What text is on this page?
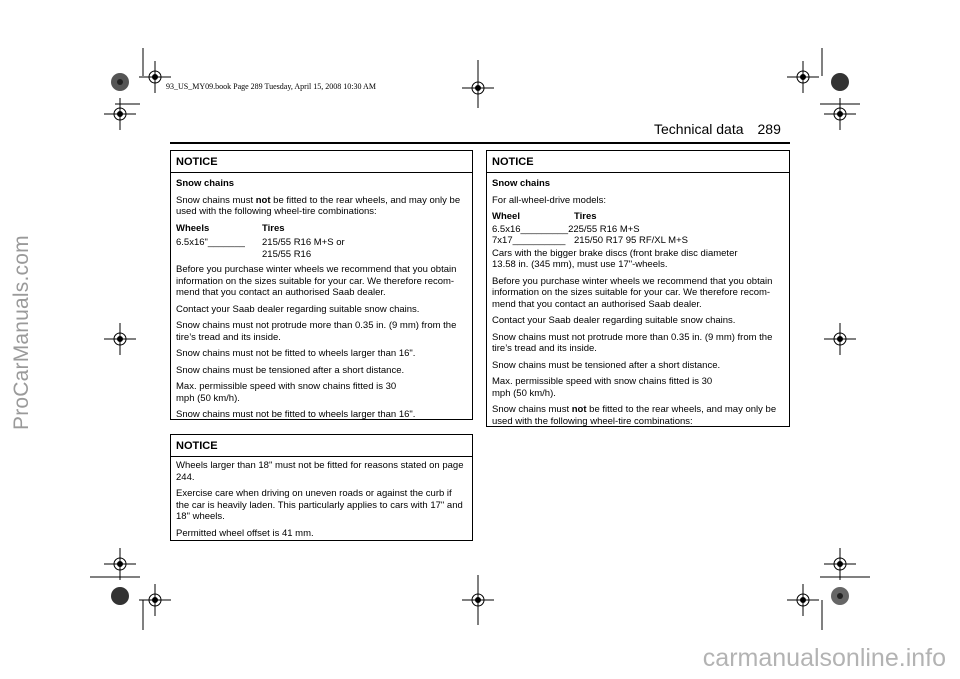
ProCarManuals.com
carmanualsonline.info
93_US_MY09.book Page 289 Tuesday, April 15, 2008 10:30 AM
Technical data 289
NOTICE
Snow chains

Snow chains must not be fitted to the rear wheels, and may only be used with the following wheel-tire combinations:

Wheels	Tires
6.5x16"_______	215/55 R16 M+S or
215/55 R16

Before you purchase winter wheels we recommend that you obtain information on the sizes suitable for your car. We therefore recom-mend that you contact an authorised Saab dealer.

Contact your Saab dealer regarding suitable snow chains.

Snow chains must not protrude more than 0.35 in. (9 mm) from the tire’s tread and its inside.

Snow chains must not be fitted to wheels larger than 16".

Snow chains must be tensioned after a short distance.

Max. permissible speed with snow chains fitted is 30 mph (50 km/h).

Snow chains must not be fitted to wheels larger than 16".

NOTICE

Wheels larger than 18" must not be fitted for reasons stated on page 244.

Exercise care when driving on uneven roads or against the curb if the car is heavily laden. This particularly applies to cars with 17" and 18" wheels.

Permitted wheel offset is 41 mm.

NOTICE
Snow chains

For all-wheel-drive models:

Wheel	Tires
6.5x16_________ 225/55 R16 M+S
7x17__________ 215/50 R17 95 RF/XL M+S

Cars with the bigger brake discs (front brake disc diameter 13.58 in. (345 mm), must use 17"-wheels.

Before you purchase winter wheels we recommend that you obtain information on the sizes suitable for your car. We therefore recom-mend that you contact an authorised Saab dealer.

Contact your Saab dealer regarding suitable snow chains.

Snow chains must not protrude more than 0.35 in. (9 mm) from the tire’s tread and its inside.

Snow chains must be tensioned after a short distance.

Max. permissible speed with snow chains fitted is 30 mph (50 km/h).

Snow chains must not be fitted to the rear wheels, and may only be used with the following wheel-tire combinations:
